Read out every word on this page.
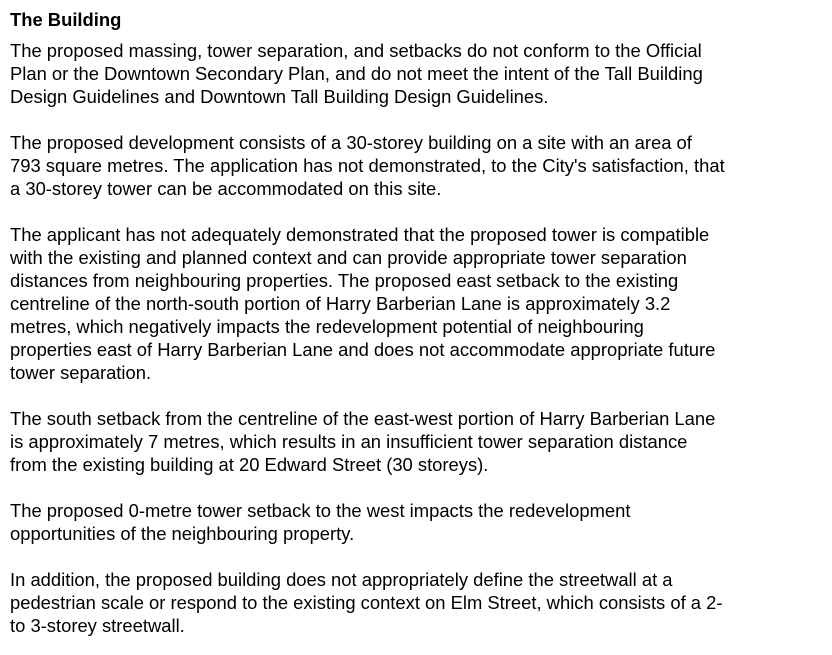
The Building
The proposed massing, tower separation, and setbacks do not conform to the Official
Plan or the Downtown Secondary Plan, and do not meet the intent of the Tall Building
Design Guidelines and Downtown Tall Building Design Guidelines.
The proposed development consists of a 30-storey building on a site with an area of
793 square metres. The application has not demonstrated, to the City's satisfaction, that
a 30-storey tower can be accommodated on this site.
The applicant has not adequately demonstrated that the proposed tower is compatible
with the existing and planned context and can provide appropriate tower separation
distances from neighbouring properties. The proposed east setback to the existing
centreline of the north-south portion of Harry Barberian Lane is approximately 3.2
metres, which negatively impacts the redevelopment potential of neighbouring
properties east of Harry Barberian Lane and does not accommodate appropriate future
tower separation.
The south setback from the centreline of the east-west portion of Harry Barberian Lane
is approximately 7 metres, which results in an insufficient tower separation distance
from the existing building at 20 Edward Street (30 storeys).
The proposed 0-metre tower setback to the west impacts the redevelopment
opportunities of the neighbouring property.
In addition, the proposed building does not appropriately define the streetwall at a
pedestrian scale or respond to the existing context on Elm Street, which consists of a 2-
to 3-storey streetwall.
